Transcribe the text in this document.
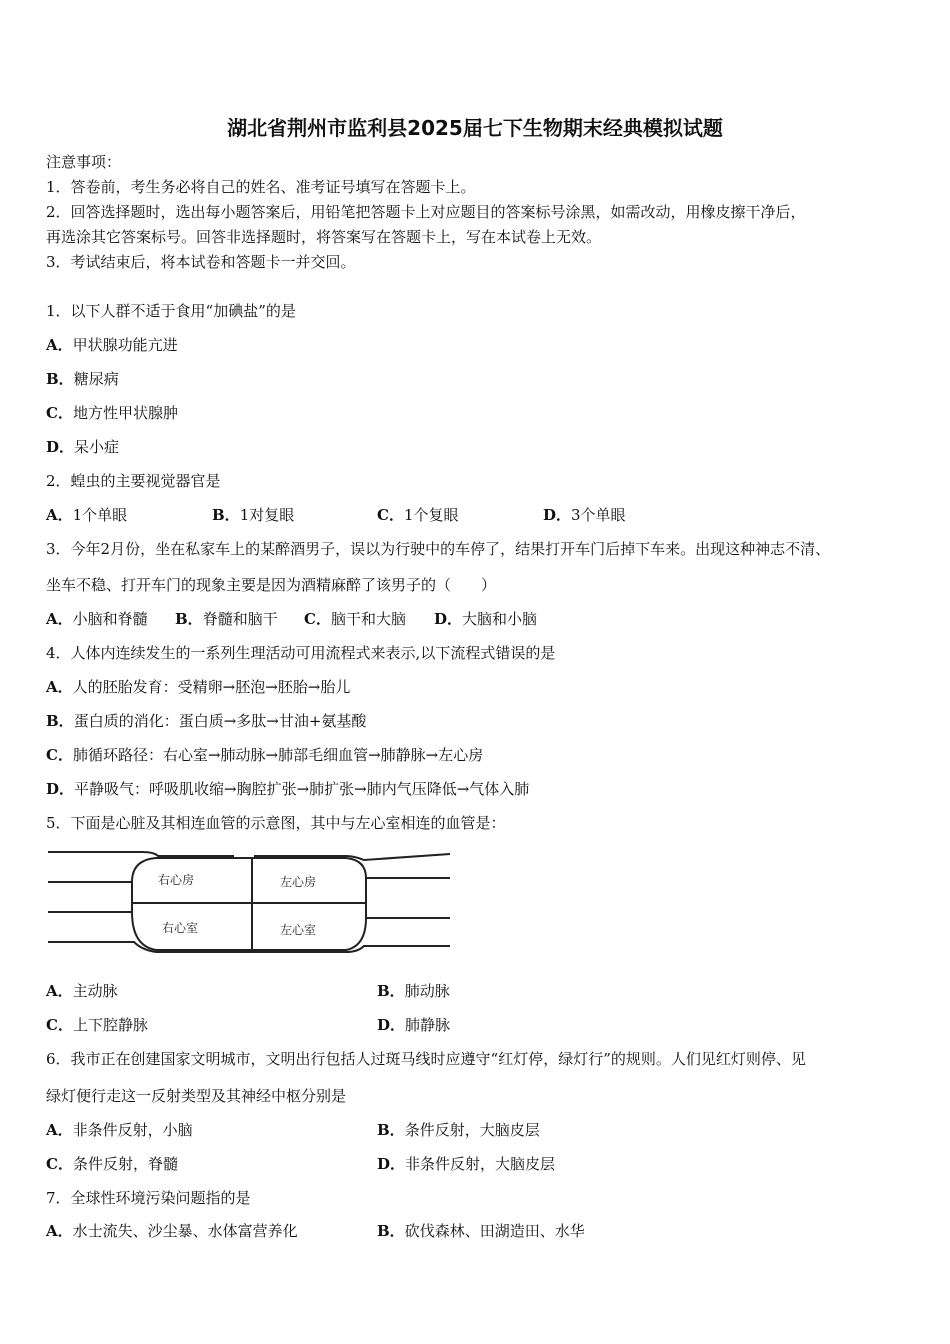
湖北省荆州市监利县2025届七下生物期末经典模拟试题
注意事项：
1．答卷前，考生务必将自己的姓名、准考证号填写在答题卡上。
2．回答选择题时，选出每小题答案后，用铅笔把答题卡上对应题目的答案标号涂黑，如需改动，用橡皮擦干净后，
再选涂其它答案标号。回答非选择题时，将答案写在答题卡上，写在本试卷上无效。
3．考试结束后，将本试卷和答题卡一并交回。
1．以下人群不适于食用“加碘盐”的是
A．甲状腺功能亢进
B．糖尿病
C．地方性甲状腺肿
D．呆小症
2．蝗虫的主要视觉器官是
A．1个单眼	B．1对复眼	C．1个复眼	D．3个单眼
3．今年2月份，坐在私家车上的某醉酒男子，误以为行驶中的车停了，结果打开车门后掉下车来。出现这种神志不清、
坐车不稳、打开车门的现象主要是因为酒精麻醉了该男子的（　　）
A．小脑和脊髓 B．脊髓和脑干 C．脑干和大脑 D．大脑和小脑
4．人体内连续发生的一系列生理活动可用流程式来表示,以下流程式错误的是
A．人的胚胎发育：受精卵→胚泡→胚胎→胎儿
B．蛋白质的消化：蛋白质→多肽→甘油+氨基酸
C．肺循环路径：右心室→肺动脉→肺部毛细血管→肺静脉→左心房
D．平静吸气：呼吸肌收缩→胸腔扩张→肺扩张→肺内气压降低→气体入肺
5．下面是心脏及其相连血管的示意图，其中与左心室相连的血管是：
右心房	左心房
右心室	左心室
A．主动脉	B．肺动脉
C．上下腔静脉	D．肺静脉
6．我市正在创建国家文明城市，文明出行包括人过斑马线时应遵守“红灯停，绿灯行”的规则。人们见红灯则停、见
绿灯便行走这一反射类型及其神经中枢分别是
A．非条件反射，小脑	B．条件反射，大脑皮层
C．条件反射，脊髓	D．非条件反射，大脑皮层
7．全球性环境污染问题指的是
A．水士流失、沙尘暴、水体富营养化	B．砍伐森林、田湖造田、水华
